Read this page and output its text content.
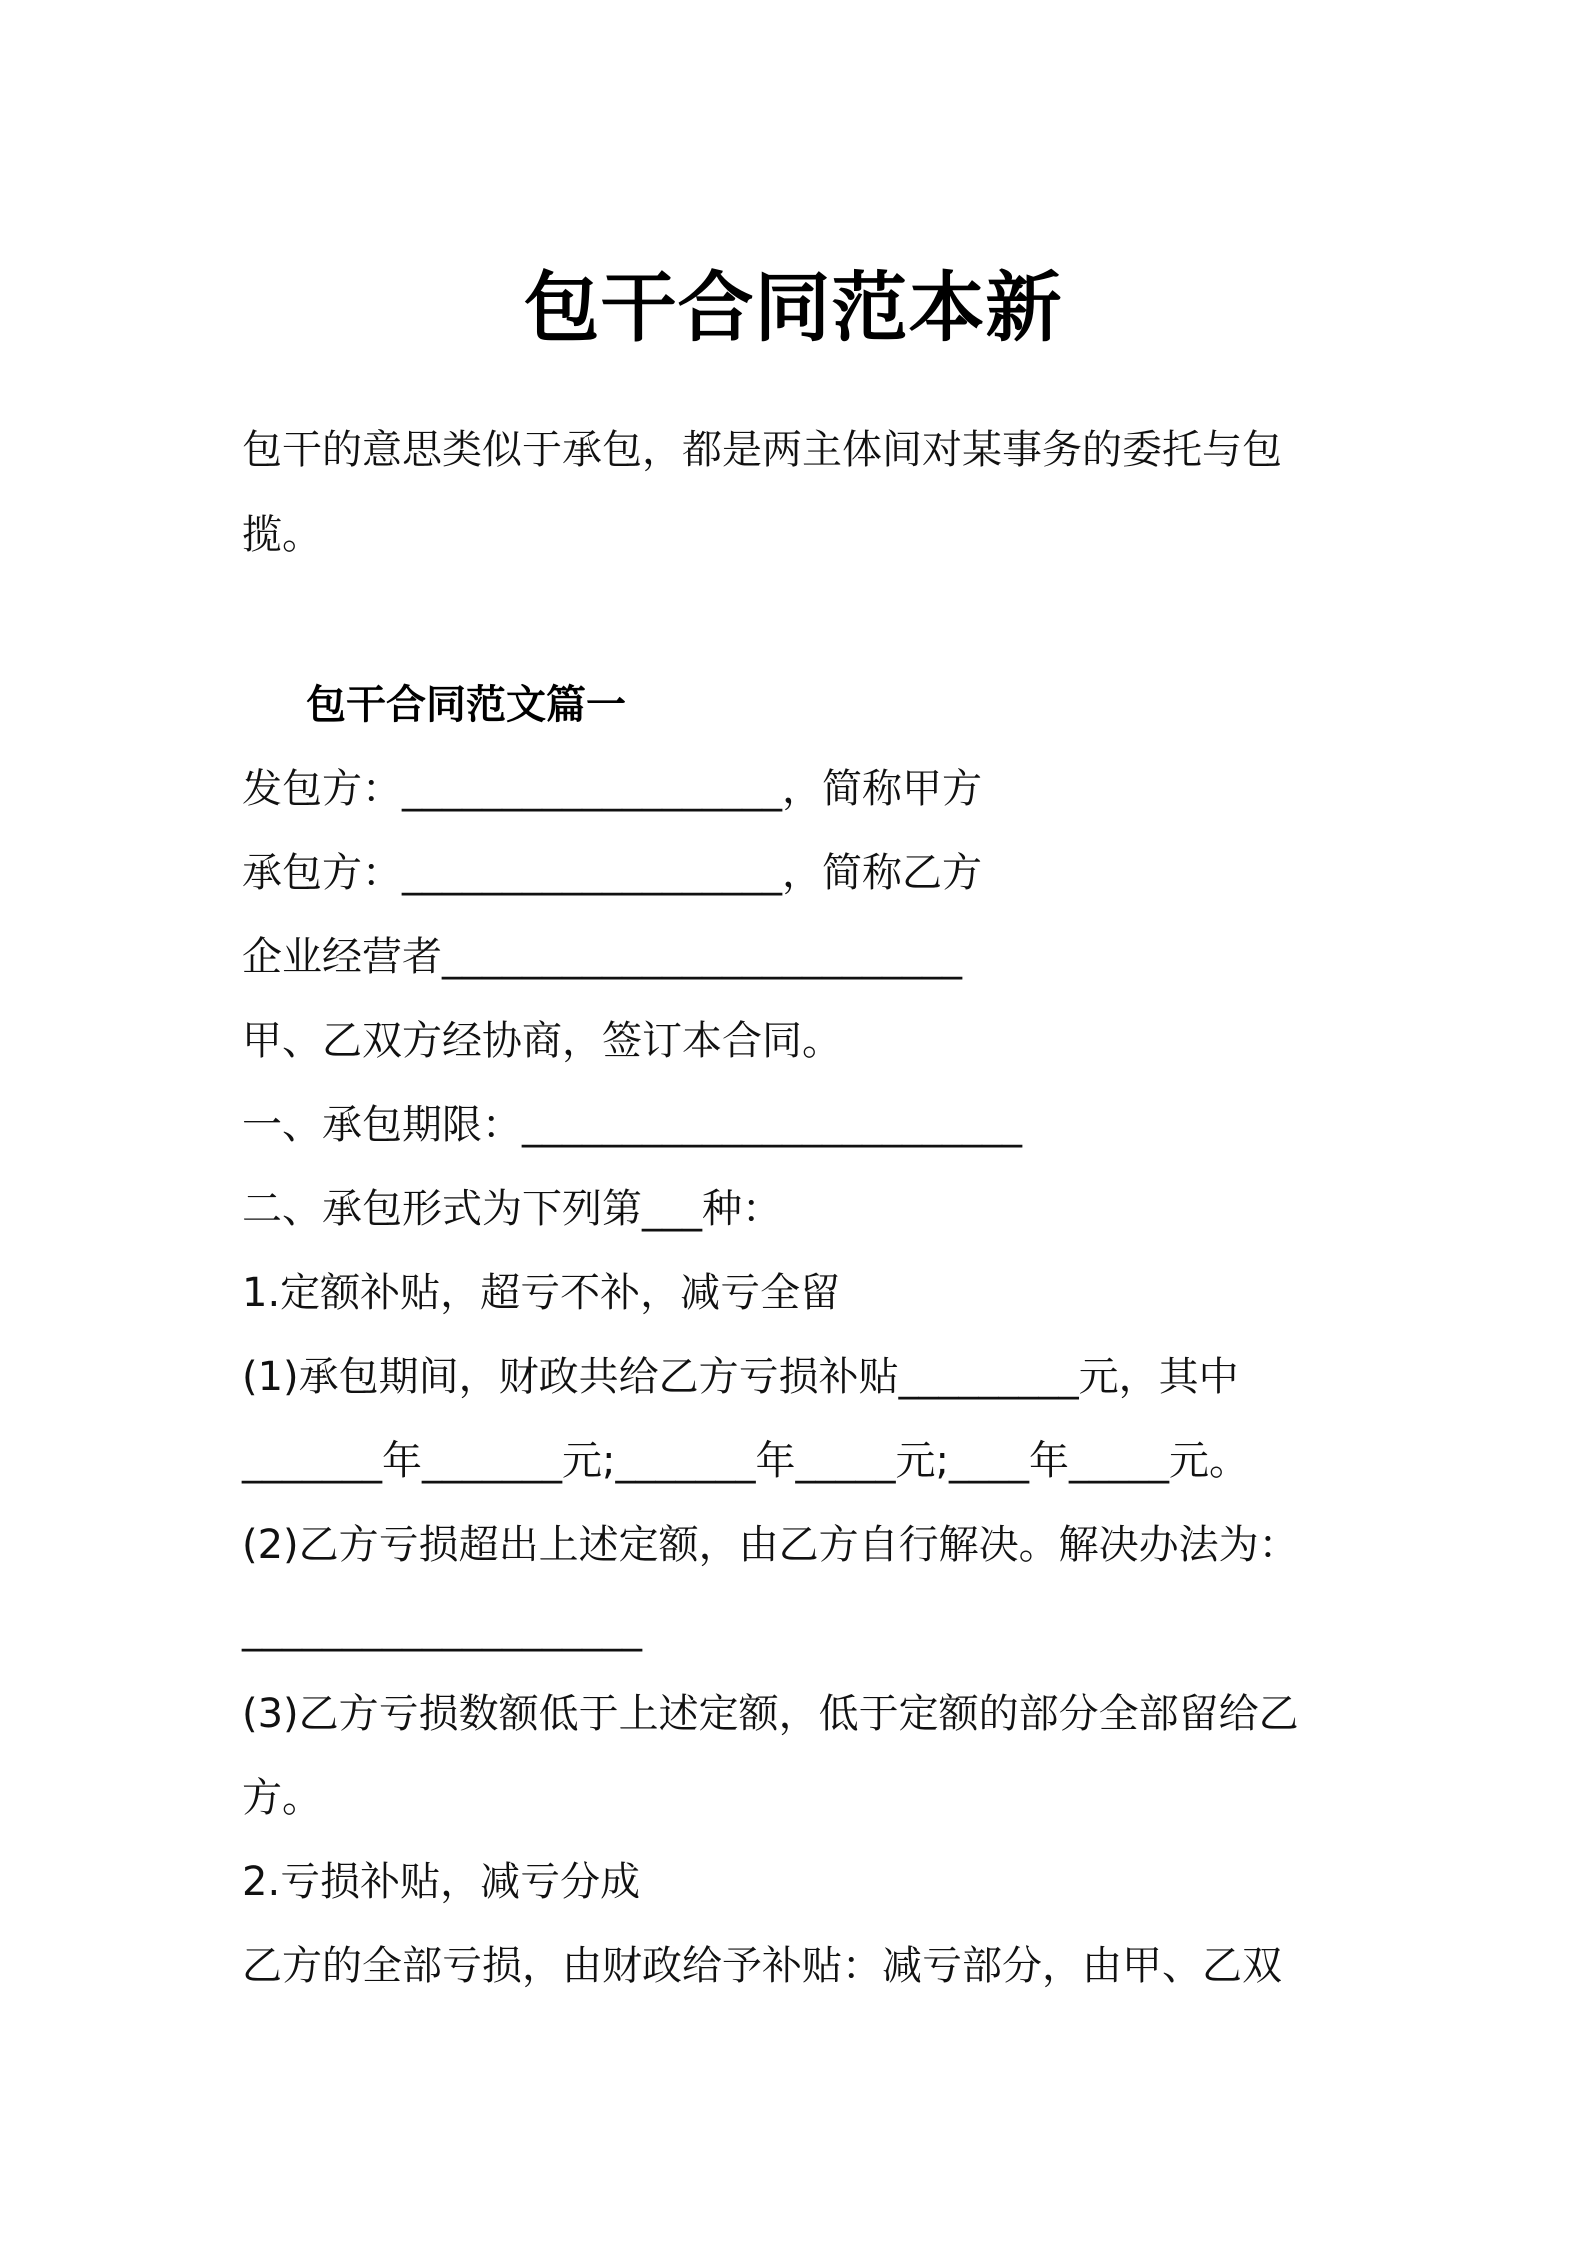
包干合同范本新
包干的意思类似于承包，都是两主体间对某事务的委托与包
揽。
包干合同范文篇一
发包方：___________________，简称甲方
承包方：___________________，简称乙方
企业经营者__________________________
甲、乙双方经协商，签订本合同。
一、承包期限：_________________________
二、承包形式为下列第___种：
1.定额补贴，超亏不补，减亏全留
(1)承包期间，财政共给乙方亏损补贴_________元，其中
_______年_______元;_______年_____元;____年_____元。
(2)乙方亏损超出上述定额，由乙方自行解决。解决办法为：
____________________
(3)乙方亏损数额低于上述定额，低于定额的部分全部留给乙
方。
2.亏损补贴，减亏分成
乙方的全部亏损，由财政给予补贴：减亏部分，由甲、乙双
